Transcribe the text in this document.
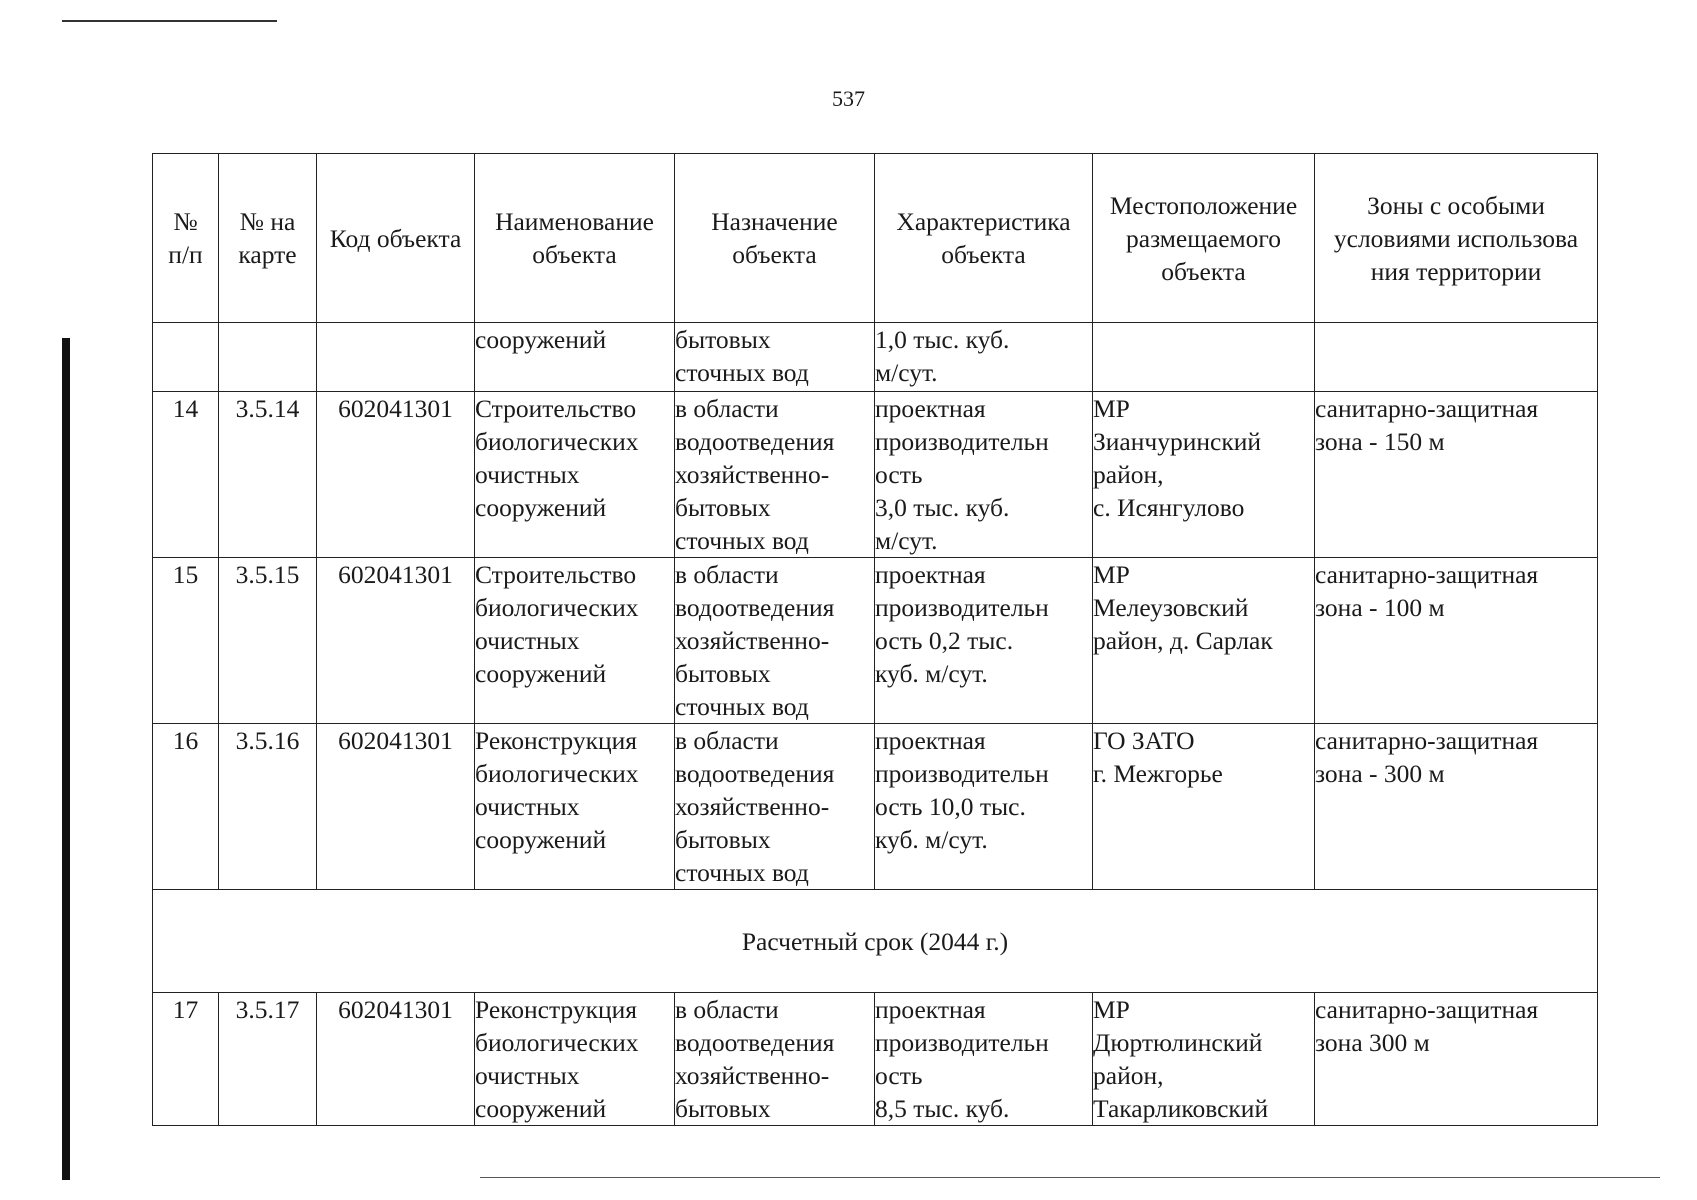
537
№
п/п	№ на
карте	Код объекта	Наименование
объекта	Назначение
объекта	Характеристика
объекта	Местоположение
размещаемого
объекта	Зоны с особыми
условиями использова
ния территории
			сооружений	бытовых
сточных вод	1,0 тыс. куб.
м/сут.		
14	3.5.14	602041301	Строительство
биологических
очистных
сооружений	в области
водоотведения
хозяйственно-
бытовых
сточных вод	проектная
производительн
ость
3,0 тыс. куб.
м/сут.	МР
Зианчуринский
район,
с. Исянгулово	санитарно-защитная
зона - 150 м
15	3.5.15	602041301	Строительство
биологических
очистных
сооружений	в области
водоотведения
хозяйственно-
бытовых
сточных вод	проектная
производительн
ость 0,2 тыс.
куб. м/сут.	МР
Мелеузовский
район, д. Сарлак	санитарно-защитная
зона - 100 м
16	3.5.16	602041301	Реконструкция
биологических
очистных
сооружений	в области
водоотведения
хозяйственно-
бытовых
сточных вод	проектная
производительн
ость 10,0 тыс.
куб. м/сут.	ГО ЗАТО
г. Межгорье	санитарно-защитная
зона - 300 м
Расчетный срок (2044 г.)							
17	3.5.17	602041301	Реконструкция
биологических
очистных
сооружений	в области
водоотведения
хозяйственно-
бытовых	проектная
производительн
ость
8,5 тыс. куб.	МР
Дюртюлинский
район,
Такарликовский	санитарно-защитная
зона 300 м
